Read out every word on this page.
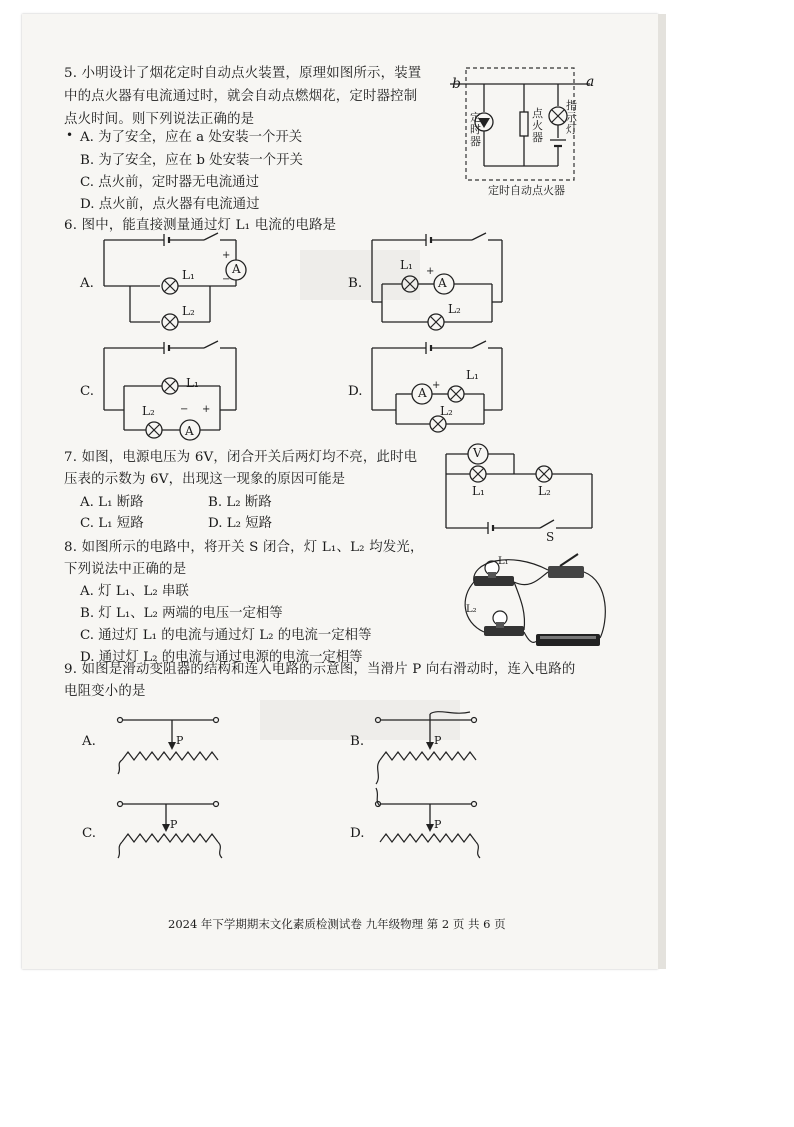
5. 小明设计了烟花定时自动点火装置，原理如图所示，装置
中的点火器有电流通过时，就会自动点燃烟花，定时器控制
点火时间。则下列说法正确的是
• A. 为了安全，应在 a 处安装一个开关
B. 为了安全，应在 b 处安装一个开关
C. 点火前，定时器无电流通过
D. 点火前，点火器有电流通过
b	a
定时器
点火器
指示灯
定时自动点火器
6. 图中，能直接测量通过灯 L₁ 电流的电路是
A.
A
+
−
L₁
L₂
B.	A
+
L₁
L₂
C.
A
− +
L₁
L₂
D.	A
+
L₁
L₂
7. 如图，电源电压为 6V，闭合开关后两灯均不亮，此时电
压表的示数为 6V，出现这一现象的原因可能是
A. L₁ 断路	B. L₂ 断路
C. L₁ 短路	D. L₂ 短路
V
L₁	L₂
S
8. 如图所示的电路中，将开关 S 闭合，灯 L₁、L₂ 均发光，
下列说法中正确的是
A. 灯 L₁、L₂ 串联
B. 灯 L₁、L₂ 两端的电压一定相等
C. 通过灯 L₁ 的电流与通过灯 L₂ 的电流一定相等
D. 通过灯 L₂ 的电流与通过电源的电流一定相等
L₁
L₂
9. 如图是滑动变阻器的结构和连入电路的示意图，当滑片 P 向右滑动时，连入电路的
电阻变小的是
A.	P	B.	P
C.
P
D.
P
2024 年下学期期末文化素质检测试卷 九年级物理 第 2 页 共 6 页
